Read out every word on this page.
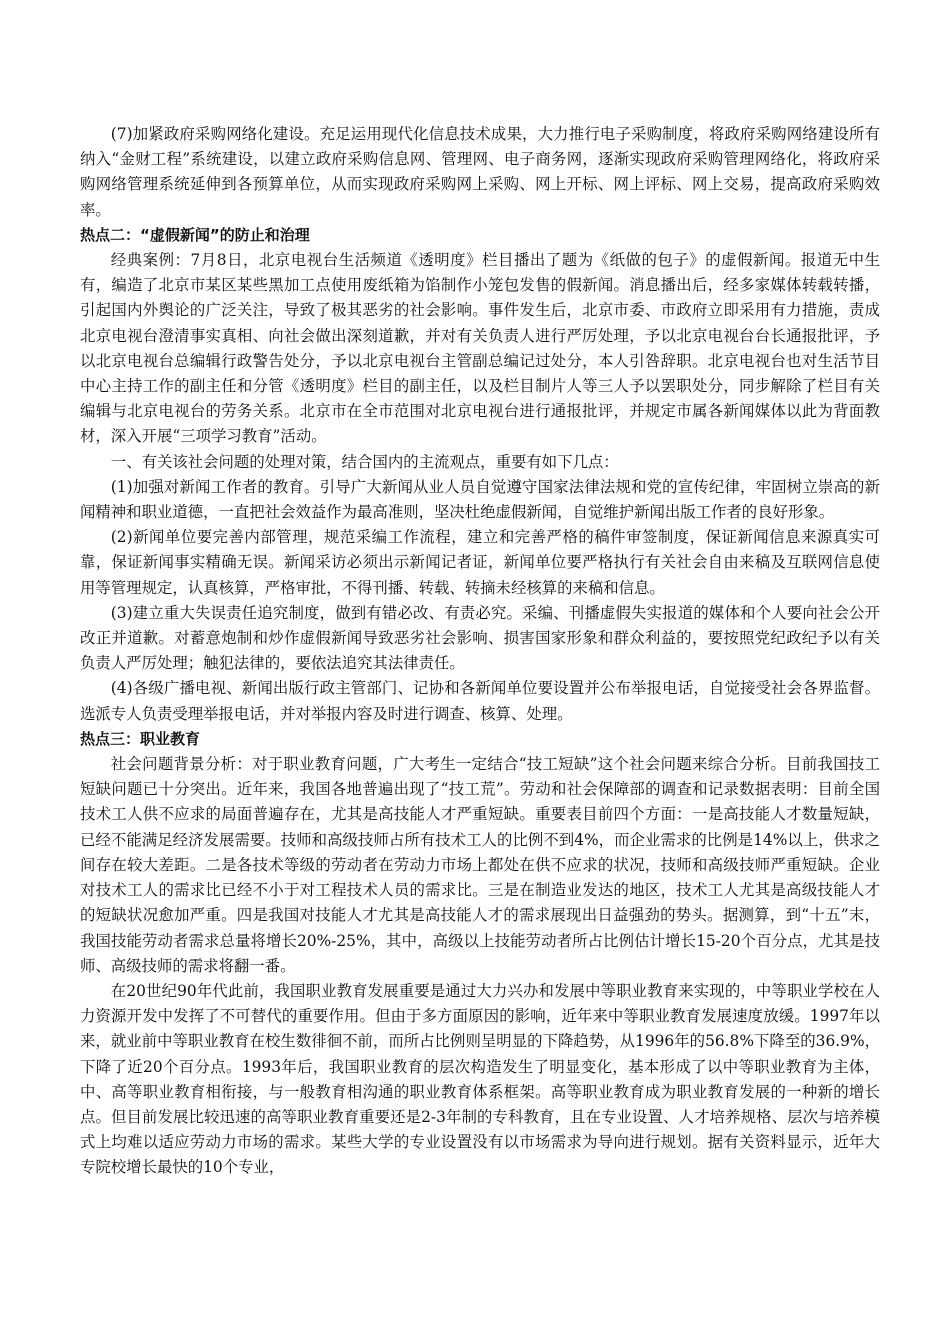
(7)加紧政府采购网络化建设。充足运用现代化信息技术成果，大力推行电子采购制度，将政府采购网络建设所有纳入“金财工程”系统建设，以建立政府采购信息网、管理网、电子商务网，逐渐实现政府采购管理网络化，将政府采购网络管理系统延伸到各预算单位，从而实现政府采购网上采购、网上开标、网上评标、网上交易，提高政府采购效率。

热点二：“虚假新闻”的防止和治理

经典案例：7月8日，北京电视台生活频道《透明度》栏目播出了题为《纸做的包子》的虚假新闻。报道无中生有，编造了北京市某区某些黑加工点使用废纸箱为馅制作小笼包发售的假新闻。消息播出后，经多家媒体转载转播，引起国内外舆论的广泛关注，导致了极其恶劣的社会影响。事件发生后，北京市委、市政府立即采用有力措施，责成北京电视台澄清事实真相、向社会做出深刻道歉，并对有关负责人进行严厉处理，予以北京电视台台长通报批评，予以北京电视台总编辑行政警告处分，予以北京电视台主管副总编记过处分，本人引咎辞职。北京电视台也对生活节目中心主持工作的副主任和分管《透明度》栏目的副主任，以及栏目制片人等三人予以罢职处分，同步解除了栏目有关编辑与北京电视台的劳务关系。北京市在全市范围对北京电视台进行通报批评，并规定市属各新闻媒体以此为背面教材，深入开展“三项学习教育”活动。

一、有关该社会问题的处理对策，结合国内的主流观点，重要有如下几点：

(1)加强对新闻工作者的教育。引导广大新闻从业人员自觉遵守国家法律法规和党的宣传纪律，牢固树立崇高的新闻精神和职业道德，一直把社会效益作为最高准则，坚决杜绝虚假新闻，自觉维护新闻出版工作者的良好形象。

(2)新闻单位要完善内部管理，规范采编工作流程，建立和完善严格的稿件审签制度，保证新闻信息来源真实可靠，保证新闻事实精确无误。新闻采访必须出示新闻记者证，新闻单位要严格执行有关社会自由来稿及互联网信息使用等管理规定，认真核算，严格审批，不得刊播、转载、转摘未经核算的来稿和信息。

(3)建立重大失误责任追究制度，做到有错必改、有责必究。采编、刊播虚假失实报道的媒体和个人要向社会公开改正并道歉。对蓄意炮制和炒作虚假新闻导致恶劣社会影响、损害国家形象和群众利益的，要按照党纪政纪予以有关负责人严厉处理；触犯法律的，要依法追究其法律责任。

(4)各级广播电视、新闻出版行政主管部门、记协和各新闻单位要设置并公布举报电话，自觉接受社会各界监督。选派专人负责受理举报电话，并对举报内容及时进行调查、核算、处理。

热点三：职业教育

社会问题背景分析：对于职业教育问题，广大考生一定结合“技工短缺”这个社会问题来综合分析。目前我国技工短缺问题已十分突出。近年来，我国各地普遍出现了“技工荒”。劳动和社会保障部的调查和记录数据表明：目前全国技术工人供不应求的局面普遍存在，尤其是高技能人才严重短缺。重要表目前四个方面：一是高技能人才数量短缺，已经不能满足经济发展需要。技师和高级技师占所有技术工人的比例不到4%，而企业需求的比例是14%以上，供求之间存在较大差距。二是各技术等级的劳动者在劳动力市场上都处在供不应求的状况，技师和高级技师严重短缺。企业对技术工人的需求比已经不小于对工程技术人员的需求比。三是在制造业发达的地区，技术工人尤其是高级技能人才的短缺状况愈加严重。四是我国对技能人才尤其是高技能人才的需求展现出日益强劲的势头。据测算，到“十五”末，我国技能劳动者需求总量将增长20%-25%，其中，高级以上技能劳动者所占比例估计增长15-20个百分点，尤其是技师、高级技师的需求将翻一番。

在20世纪90年代此前，我国职业教育发展重要是通过大力兴办和发展中等职业教育来实现的，中等职业学校在人力资源开发中发挥了不可替代的重要作用。但由于多方面原因的影响，近年来中等职业教育发展速度放缓。1997年以来，就业前中等职业教育在校生数徘徊不前，而所占比例则呈明显的下降趋势，从1996年的56.8%下降至的36.9%，下降了近20个百分点。1993年后，我国职业教育的层次构造发生了明显变化，基本形成了以中等职业教育为主体，中、高等职业教育相衔接，与一般教育相沟通的职业教育体系框架。高等职业教育成为职业教育发展的一种新的增长点。但目前发展比较迅速的高等职业教育重要还是2-3年制的专科教育，且在专业设置、人才培养规格、层次与培养模式上均难以适应劳动力市场的需求。某些大学的专业设置没有以市场需求为导向进行规划。据有关资料显示，近年大专院校增长最快的10个专业，
